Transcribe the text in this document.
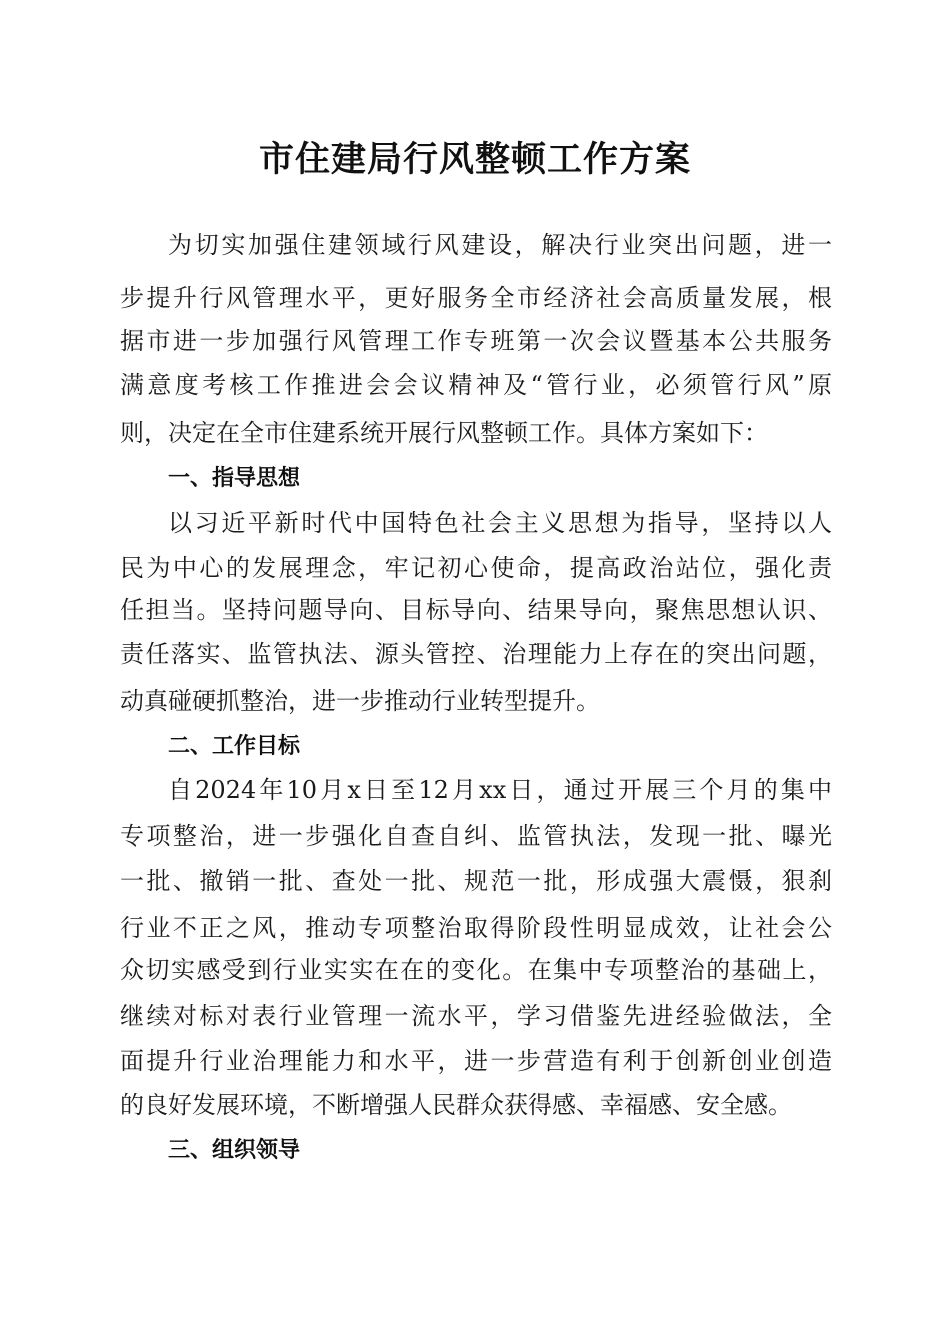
市住建局行风整顿工作方案
为切实加强住建领域行风建设，解决行业突出问题，进一
步提升行风管理水平，更好服务全市经济社会高质量发展，根
据市进一步加强行风管理工作专班第一次会议暨基本公共服务
满意度考核工作推进会会议精神及“管行业，必须管行风”原
则，决定在全市住建系统开展行风整顿工作。具体方案如下：
一、指导思想
以习近平新时代中国特色社会主义思想为指导，坚持以人
民为中心的发展理念，牢记初心使命，提高政治站位，强化责
任担当。坚持问题导向、目标导向、结果导向，聚焦思想认识、
责任落实、监管执法、源头管控、治理能力上存在的突出问题，
动真碰硬抓整治，进一步推动行业转型提升。
二、工作目标
自2024年10月x日至12月xx日，通过开展三个月的集中
专项整治，进一步强化自查自纠、监管执法，发现一批、曝光
一批、撤销一批、查处一批、规范一批，形成强大震慑，狠刹
行业不正之风，推动专项整治取得阶段性明显成效，让社会公
众切实感受到行业实实在在的变化。在集中专项整治的基础上，
继续对标对表行业管理一流水平，学习借鉴先进经验做法，全
面提升行业治理能力和水平，进一步营造有利于创新创业创造
的良好发展环境，不断增强人民群众获得感、幸福感、安全感。
三、组织领导
